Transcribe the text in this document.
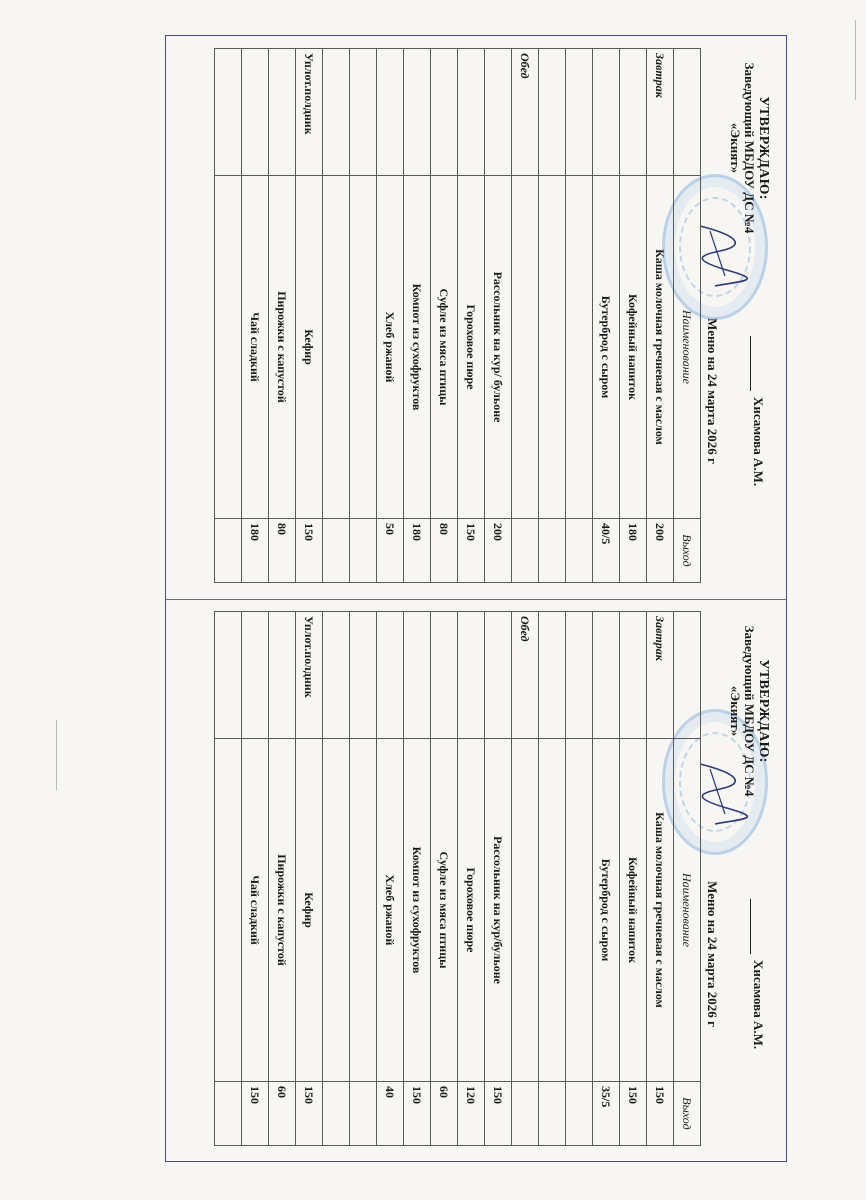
УТВЕРЖДАЮ:
Заведующий МБДОУ ДС №4
«Экият»
Хисамова А.М.
Меню на 24 марта 2026 г
	Наименование	Выход
Завтрак	Каша молочная гречневая с маслом	200
	Кофейный напиток	180
	Бутерброд с сыром	40/5

Обед		
	Рассольник на кур/ бульоне	200
	Гороховое пюре	150
	Суфле из мяса птицы	80
	Компот из сухофруктов	180
	Хлеб ржаной	50

Уплот.полдник	Кефир	150
	Пирожки с капустой	80
	Чай сладкий	180

УТВЕРЖДАЮ:
Заведующий МБДОУ ДС №4
«Экият»
Хисамова А.М.
Меню на 24 марта 2026 г
	Наименование	Выход
Завтрак	Каша молочная гречневая с маслом	150
	Кофейный напиток	150
	Бутерброд с сыром	35/5

Обед		
	Рассольник на кур/бульоне	150
	Гороховое пюре	120
	Суфле из мяса птицы	60
	Компот из сухофруктов	150
	Хлеб ржаной	40

Уплот.полдник	Кефир	150
	Пирожки с капустой	60
	Чай сладкий	150
